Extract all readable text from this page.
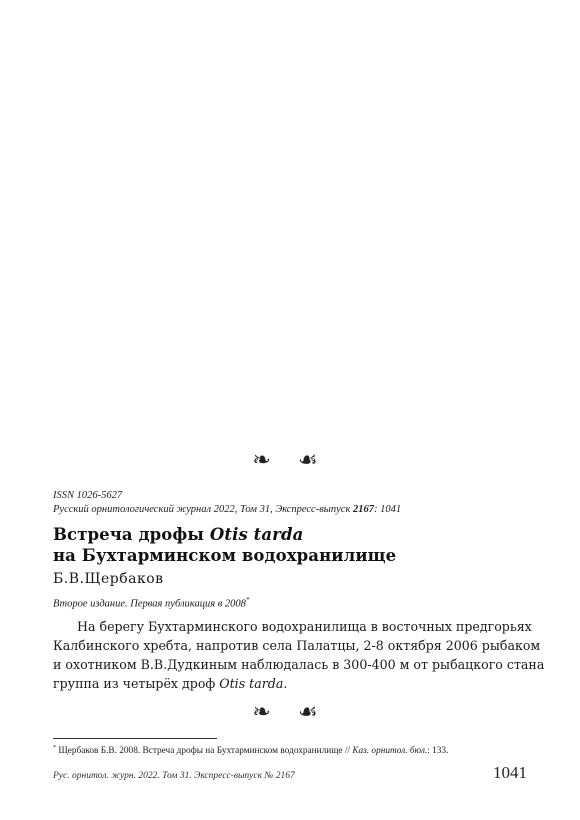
❧ ☙
ISSN 1026-5627
Русский орнитологический журнал 2022, Том 31, Экспресс-выпуск 2167: 1041
Встреча дрофы Otis tarda
на Бухтарминском водохранилище
Б.В.Щербаков
Второе издание. Первая публикация в 2008*
На берегу Бухтарминского водохранилища в восточных предгорьях
Калбинского хребта, напротив села Палатцы, 2-8 октября 2006 рыбаком
и охотником В.В.Дудкиным наблюдалась в 300-400 м от рыбацкого стана
группа из четырёх дроф Otis tarda.
❧ ☙
* Щербаков Б.В. 2008. Встреча дрофы на Бухтарминском водохранилище // Каз. орнитол. бюл.: 133.
Рус. орнитол. журн. 2022. Том 31. Экспресс-выпуск № 2167	1041
